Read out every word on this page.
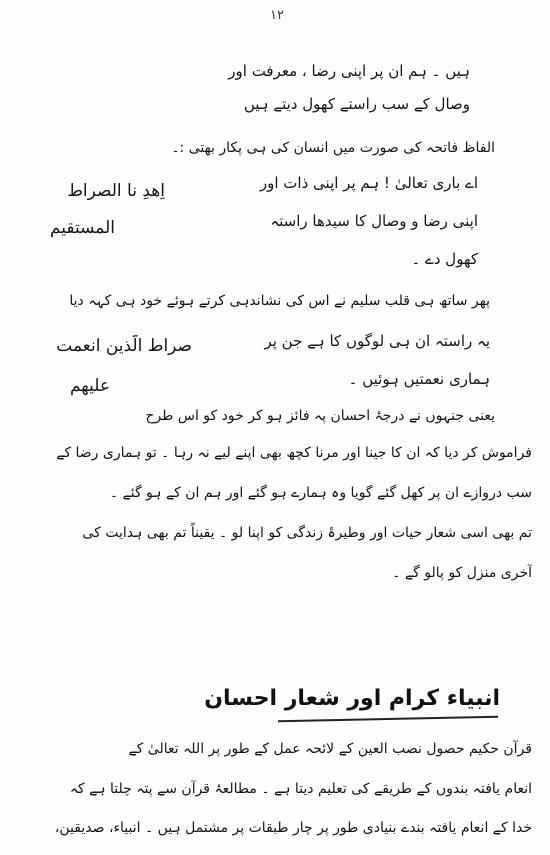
۱۲
ہیں ۔ ہم ان پر اپنی رضا ، معرفت اور
وصال کے سب راستے کھول دیتے ہیں
الفاظ فاتحہ کی صورت میں انسان کی ہی پکار بھتی :۔
اِھدِ نا الصراط
المستقیم
اے باری تعالیٰ ! ہم پر اپنی ذات اور
اپنی رضا و وصال کا سیدھا راستہ
کھول دے ۔
پھر ساتھ ہی قلب سلیم نے اس کی نشاندہی کرتے ہوئے خود ہی کہہ دیا
صراط الّذین انعمت
علیھم
یہ راستہ ان ہی لوگوں کا ہے جن پر
ہماری نعمتیں ہوئیں ۔
یعنی جنہوں نے درجۂ احسان پہ فائز ہو کر خود کو اس طرح
فراموش کر دیا کہ ان کا جینا اور مرنا کچھ بھی اپنے لیے نہ رہا ۔ تو ہماری رضا کے
سب دروازے ان پر کھل گئے گویا وہ ہمارے ہو گئے اور ہم ان کے ہو گئے ۔
تم بھی اسی شعار حیات اور وطیرۂ زندگی کو اپنا لو ۔ یقیناً تم بھی ہدایت کی
آخری منزل کو پالو گے ۔
انبیاء کرام اور شعار احسان
قرآن حکیم حصول نصب العین کے لائحہ عمل کے طور پر اللہ تعالیٰ کے
انعام یافتہ بندوں کے طریقے کی تعلیم دیتا ہے ۔ مطالعۂ قرآن سے پتہ چلتا ہے کہ
خدا کے انعام یافتہ بندے بنیادی طور پر چار طبقات پر مشتمل ہیں ۔ انبیاء، صدیقین،
